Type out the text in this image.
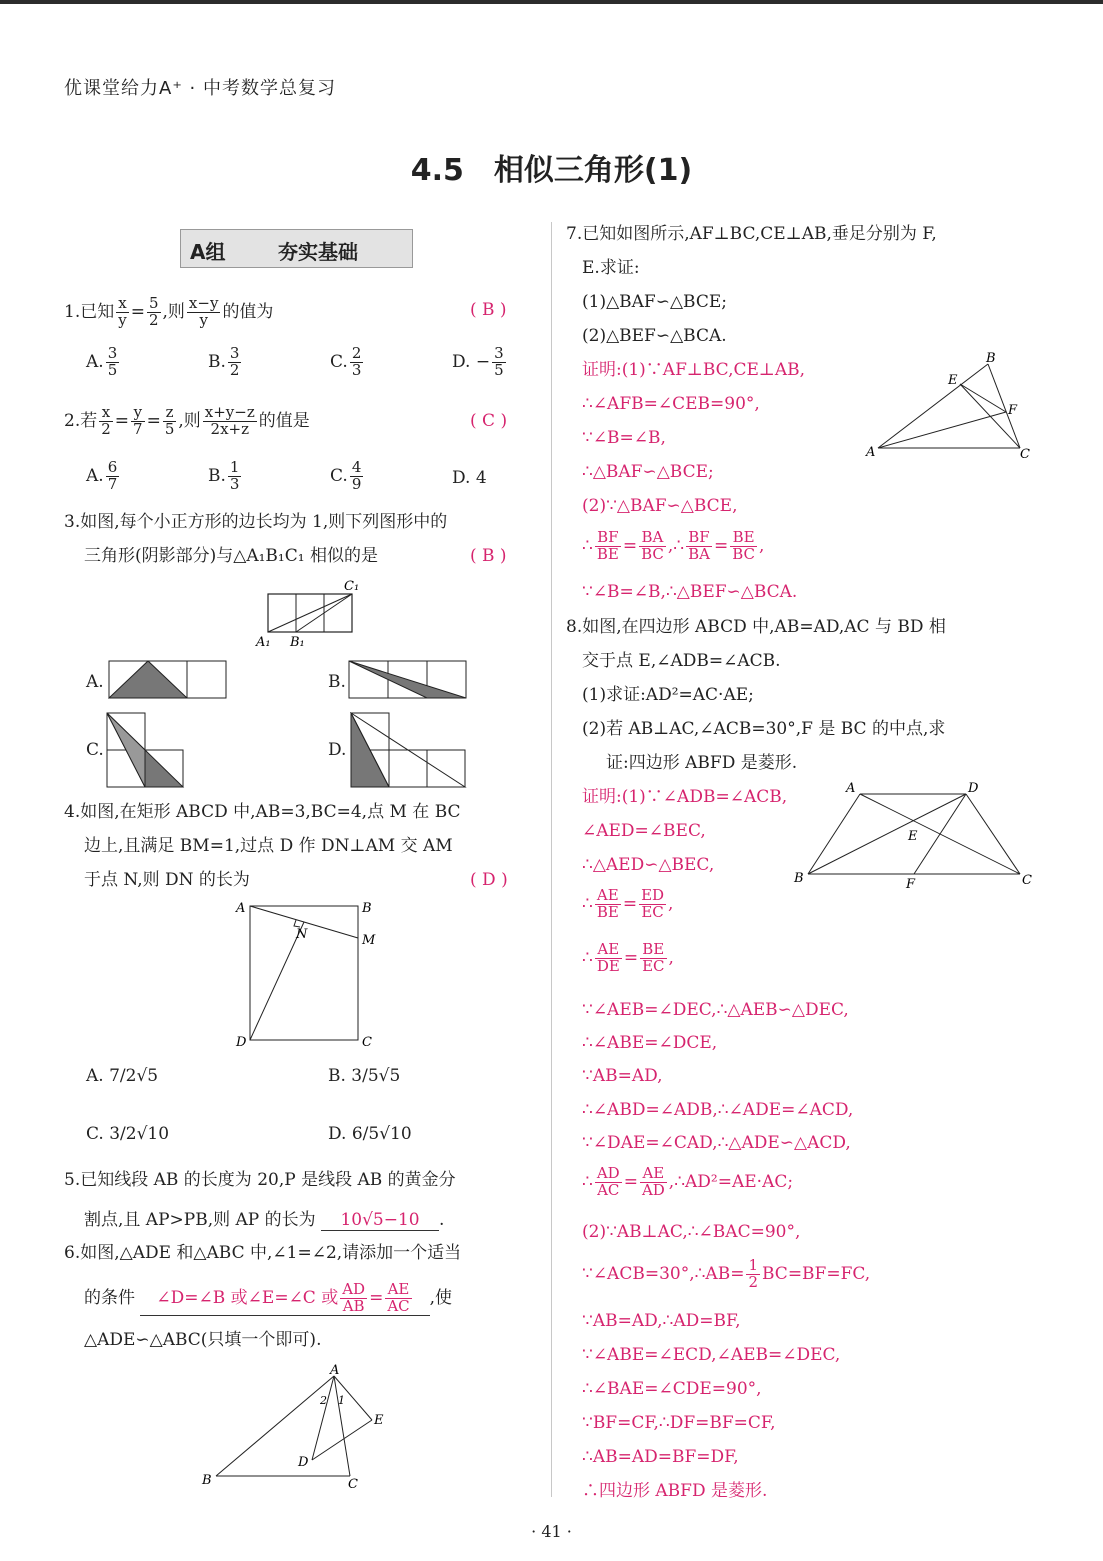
优课堂给力A⁺ · 中考数学总复习
4.5　相似三角形(1)
A组	夯实基础
1.已知 $\frac{x}{y} = \frac{5}{2}$ ,则 $\frac{x-y}{y}$ 的值为	( B )
A. $\frac{3}{5}$	B. $\frac{3}{2}$	C. $\frac{2}{3}$	D. − $\frac{3}{5}$
2.若 $\frac{x}{2} = \frac{y}{7} = \frac{z}{5}$ ,则 $\frac{x+y-z}{2x+z}$ 的值是	( C )
A. $\frac{6}{7}$	B. $\frac{1}{3}$	C. $\frac{4}{9}$	D. 4
3.如图,每个小正方形的边长均为 1,则下列图形中的
三角形(阴影部分)与△A₁B₁C₁ 相似的是	( B )
C₁
A₁ B₁
A.	B.
C.	D.
4.如图,在矩形 ABCD 中,AB=3,BC=4,点 M 在 BC
边上,且满足 BM=1,过点 D 作 DN⊥AM 交 AM
于点 N,则 DN 的长为	( D )
A	B
C
D
M
N
A. 7/2√5	B. 3/5√5
C. 3/2√10	D. 6/5√10
5.已知线段 AB 的长度为 20,P 是线段 AB 的黄金分
割点,且 AP>PB,则 AP 的长为 10√5−10 .
6.如图,△ADE 和△ABC 中,∠1=∠2,请添加一个适当
的条件 ∠D=∠B 或∠E=∠C 或 $\frac{AD}{AB} = \frac{AE}{AC}$ ,使
△ADE∽△ABC(只填一个即可).
A
B	C
D
E
1
2
7.已知如图所示,AF⊥BC,CE⊥AB,垂足分别为 F,
E.求证:
(1)△BAF∽△BCE;
(2)△BEF∽△BCA.
证明:(1)∵AF⊥BC,CE⊥AB,
∴∠AFB=∠CEB=90°,
∵∠B=∠B,
∴△BAF∽△BCE;
(2)∵△BAF∽△BCE,
∴ $\frac{BF}{BE} = \frac{BA}{BC}$ ,∴ $\frac{BF}{BA} = \frac{BE}{BC}$ ,
∵∠B=∠B,∴△BEF∽△BCA.
A
B
C
E
F
8.如图,在四边形 ABCD 中,AB=AD,AC 与 BD 相
交于点 E,∠ADB=∠ACB.
(1)求证:AD²=AC·AE;
(2)若 AB⊥AC,∠ACB=30°,F 是 BC 的中点,求
证:四边形 ABFD 是菱形.
证明:(1)∵∠ADB=∠ACB,
∠AED=∠BEC,
∴△AED∽△BEC,
∴ $\frac{AE}{BE} = \frac{ED}{EC}$ ,
∴ $\frac{AE}{DE} = \frac{BE}{EC}$ ,
∵∠AEB=∠DEC,∴△AEB∽△DEC,
∴∠ABE=∠DCE,
∵AB=AD,
∴∠ABD=∠ADB,∴∠ADE=∠ACD,
∵∠DAE=∠CAD,∴△ADE∽△ACD,
∴ $\frac{AD}{AC} = \frac{AE}{AD}$ ,∴AD²=AE·AC;
(2)∵AB⊥AC,∴∠BAC=90°,
∵∠ACB=30°,∴AB= $\frac{1}{2} BC=BF=FC$,
∵AB=AD,∴AD=BF,
∵∠ABE=∠ECD,∠AEB=∠DEC,
∴∠BAE=∠CDE=90°,
∵BF=CF,∴DF=BF=CF,
∴AB=AD=BF=DF,
∴四边形 ABFD 是菱形.
A
B	C
D
E
F
· 41 ·
